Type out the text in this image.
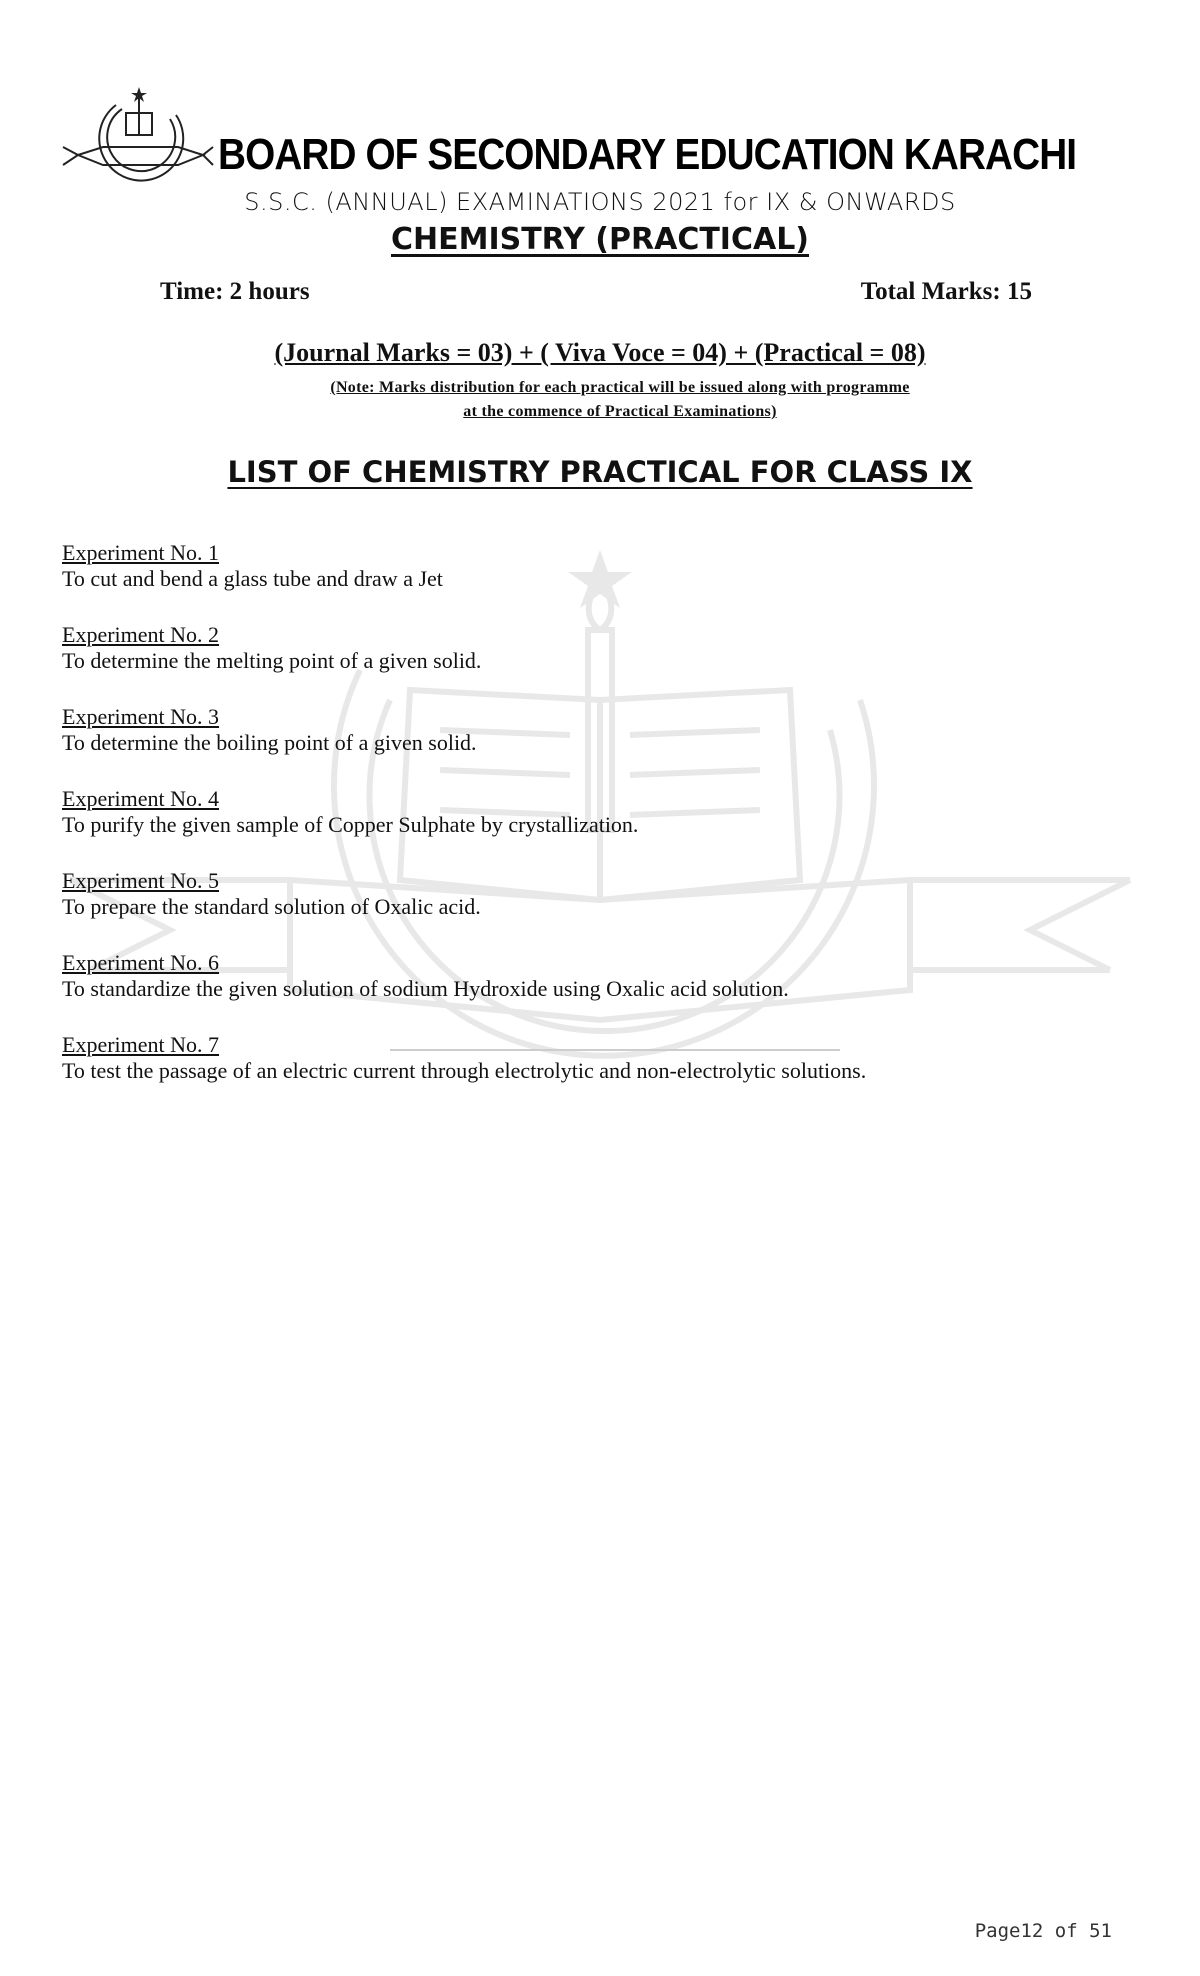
BOARD OF SECONDARY EDUCATION KARACHI
S.S.C. (ANNUAL) EXAMINATIONS 2021 for IX & ONWARDS
CHEMISTRY (PRACTICAL)
Time: 2 hours	Total Marks: 15
(Journal Marks = 03) + ( Viva Voce = 04) + (Practical = 08)
(Note: Marks distribution for each practical will be issued along with programme
at the commence of Practical Examinations)
LIST OF CHEMISTRY PRACTICAL FOR CLASS IX
Experiment No. 1
To cut and bend a glass tube and draw a Jet
Experiment No. 2
To determine the melting point of a given solid.
Experiment No. 3
To determine the boiling point of a given solid.
Experiment No. 4
To purify the given sample of Copper Sulphate by crystallization.
Experiment No. 5
To prepare the standard solution of Oxalic acid.
Experiment No. 6
To standardize the given solution of sodium Hydroxide using Oxalic acid solution.
Experiment No. 7
To test the passage of an electric current through electrolytic and non-electrolytic solutions.
Page12 of 51
